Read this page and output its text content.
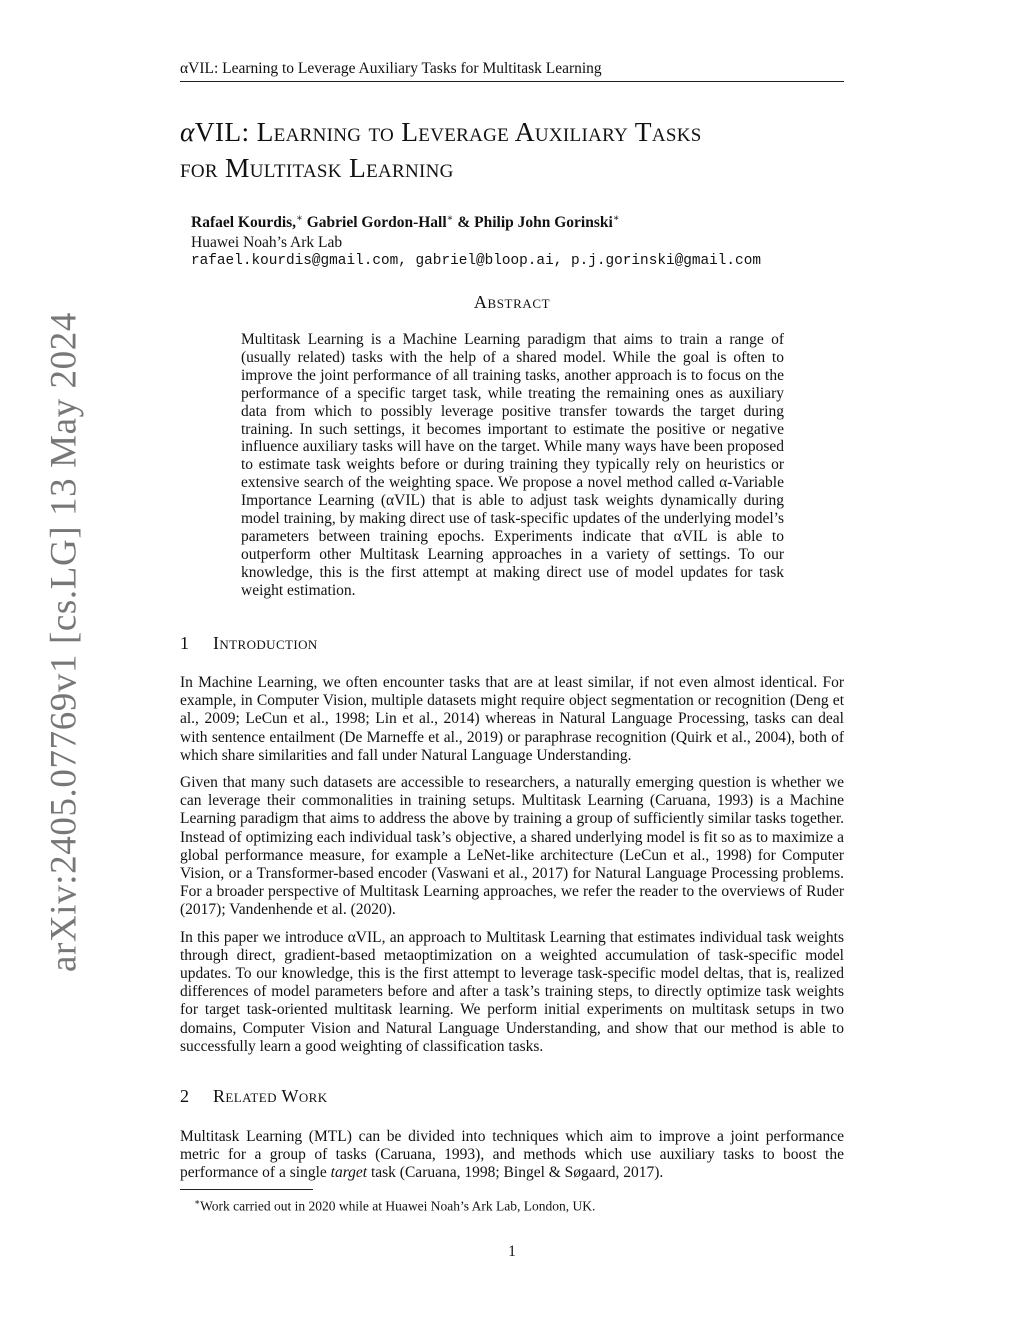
αVIL: Learning to Leverage Auxiliary Tasks for Multitask Learning
αVIL: Learning to Leverage Auxiliary Tasks
for Multitask Learning
Rafael Kourdis,∗ Gabriel Gordon-Hall∗ & Philip John Gorinski∗
Huawei Noah’s Ark Lab
rafael.kourdis@gmail.com, gabriel@bloop.ai, p.j.gorinski@gmail.com
Abstract
Multitask Learning is a Machine Learning paradigm that aims to train a range of (usually related) tasks with the help of a shared model. While the goal is often to improve the joint performance of all training tasks, another approach is to focus on the performance of a specific target task, while treating the remaining ones as auxiliary data from which to possibly leverage positive transfer towards the target during training. In such settings, it becomes important to estimate the positive or negative influence auxiliary tasks will have on the target. While many ways have been proposed to estimate task weights before or during training they typically rely on heuristics or extensive search of the weighting space. We propose a novel method called α-Variable Importance Learning (αVIL) that is able to adjust task weights dynamically during model training, by making direct use of task-specific updates of the underlying model’s parameters between training epochs. Experiments indicate that αVIL is able to outperform other Multitask Learning approaches in a variety of settings. To our knowledge, this is the first attempt at making direct use of model updates for task weight estimation.
1 Introduction

In Machine Learning, we often encounter tasks that are at least similar, if not even almost identical. For example, in Computer Vision, multiple datasets might require object segmentation or recognition (Deng et al., 2009; LeCun et al., 1998; Lin et al., 2014) whereas in Natural Language Processing, tasks can deal with sentence entailment (De Marneffe et al., 2019) or paraphrase recognition (Quirk et al., 2004), both of which share similarities and fall under Natural Language Understanding.

Given that many such datasets are accessible to researchers, a naturally emerging question is whether we can leverage their commonalities in training setups. Multitask Learning (Caruana, 1993) is a Machine Learning paradigm that aims to address the above by training a group of sufficiently similar tasks together. Instead of optimizing each individual task’s objective, a shared underlying model is fit so as to maximize a global performance measure, for example a LeNet-like architecture (LeCun et al., 1998) for Computer Vision, or a Transformer-based encoder (Vaswani et al., 2017) for Natural Language Processing problems. For a broader perspective of Multitask Learning approaches, we refer the reader to the overviews of Ruder (2017); Vandenhende et al. (2020).

In this paper we introduce αVIL, an approach to Multitask Learning that estimates individual task weights through direct, gradient-based metaoptimization on a weighted accumulation of task-specific model updates. To our knowledge, this is the first attempt to leverage task-specific model deltas, that is, realized differences of model parameters before and after a task’s training steps, to directly optimize task weights for target task-oriented multitask learning. We perform initial experiments on multitask setups in two domains, Computer Vision and Natural Language Understanding, and show that our method is able to successfully learn a good weighting of classification tasks.

2 Related Work

Multitask Learning (MTL) can be divided into techniques which aim to improve a joint performance metric for a group of tasks (Caruana, 1993), and methods which use auxiliary tasks to boost the performance of a single target task (Caruana, 1998; Bingel & Søgaard, 2017).

∗Work carried out in 2020 while at Huawei Noah’s Ark Lab, London, UK.
1
arXiv:2405.07769v1 [cs.LG] 13 May 2024
